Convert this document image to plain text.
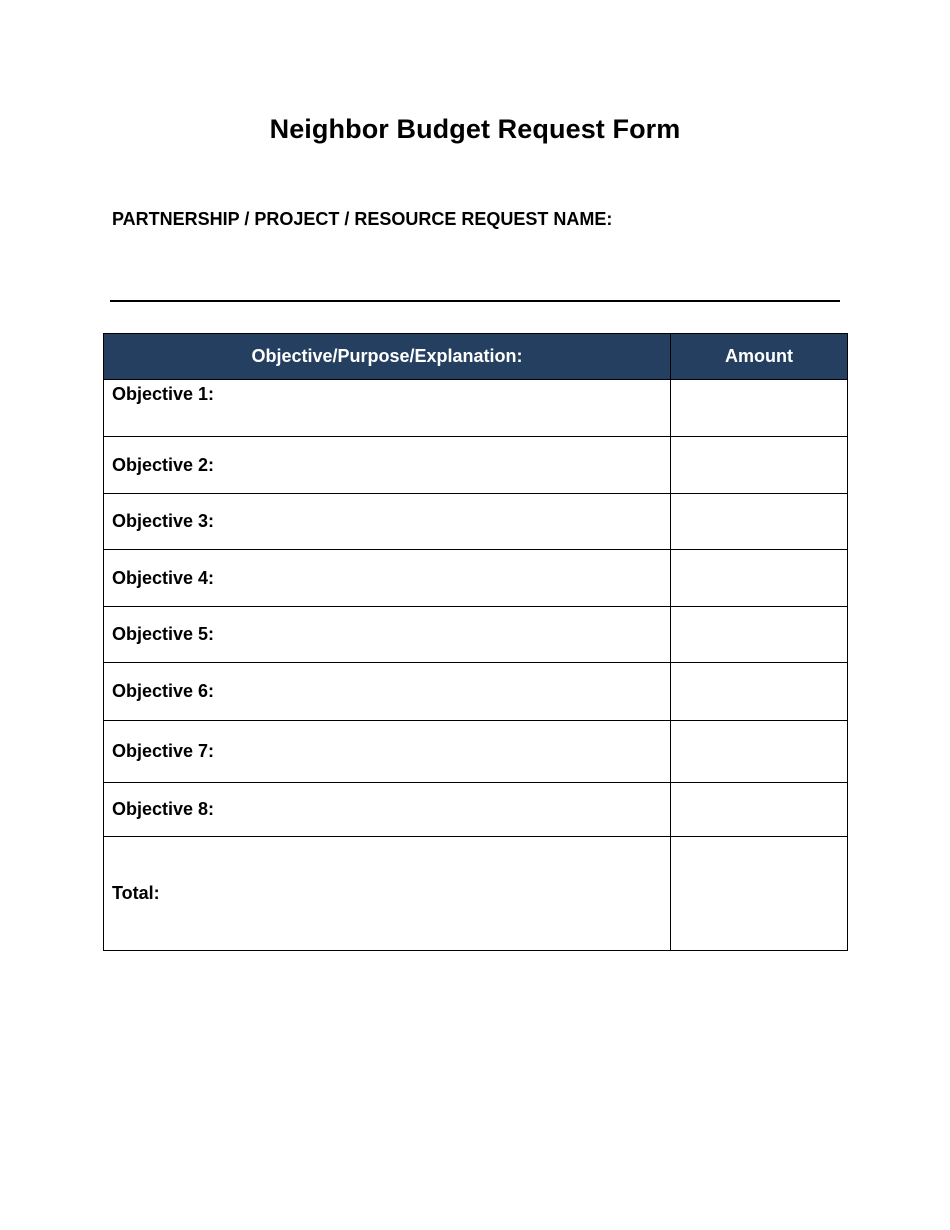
Neighbor Budget Request Form
PARTNERSHIP / PROJECT / RESOURCE REQUEST NAME:
Objective/Purpose/Explanation:	Amount
Objective 1:	
Objective 2:	
Objective 3:	
Objective 4:	
Objective 5:	
Objective 6:	
Objective 7:	
Objective 8:	
Total:	
